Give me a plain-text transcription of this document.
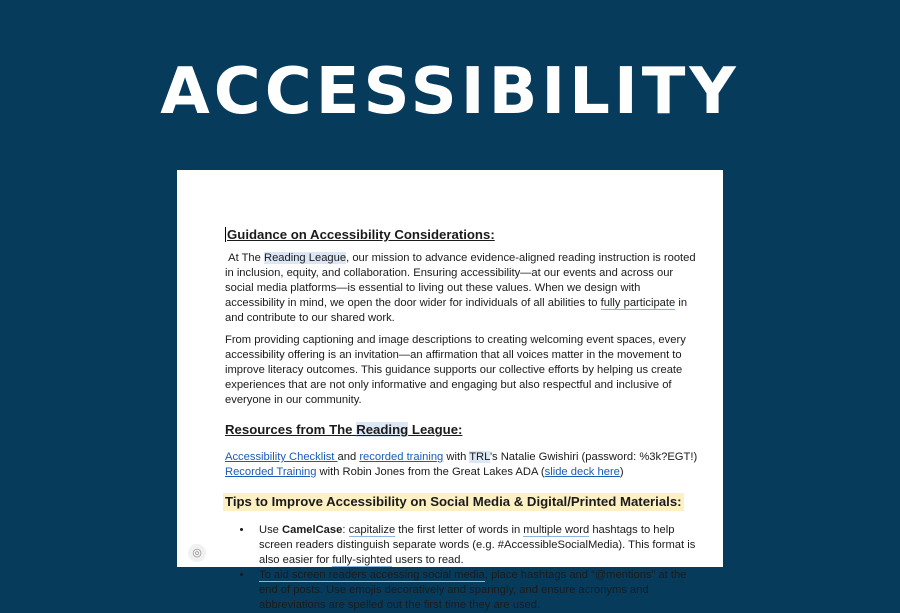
ACCESSIBILITY
Guidance on Accessibility Considerations:

At The Reading League, our mission to advance evidence-aligned reading instruction is rooted in inclusion, equity, and collaboration. Ensuring accessibility—at our events and across our social media platforms—is essential to living out these values. When we design with accessibility in mind, we open the door wider for individuals of all abilities to fully participate in and contribute to our shared work.

From providing captioning and image descriptions to creating welcoming event spaces, every accessibility offering is an invitation—an affirmation that all voices matter in the movement to improve literacy outcomes. This guidance supports our collective efforts by helping us create experiences that are not only informative and engaging but also respectful and inclusive of everyone in our community.

Resources from The Reading League:

Accessibility Checklist and recorded training with TRL’s Natalie Gwishiri (password: %3k?EGT!)

Recorded Training with Robin Jones from the Great Lakes ADA (slide deck here)

Tips to Improve Accessibility on Social Media & Digital/Printed Materials:
• Use CamelCase: capitalize the first letter of words in multiple word hashtags to help screen readers distinguish separate words (e.g. #AccessibleSocialMedia). This format is also easier for fully-sighted users to read.
• To aid screen readers accessing social media, place hashtags and “@mentions” at the end of posts. Use emojis decoratively and sparingly, and ensure acronyms and abbreviations are spelled out the first time they are used.
◎
